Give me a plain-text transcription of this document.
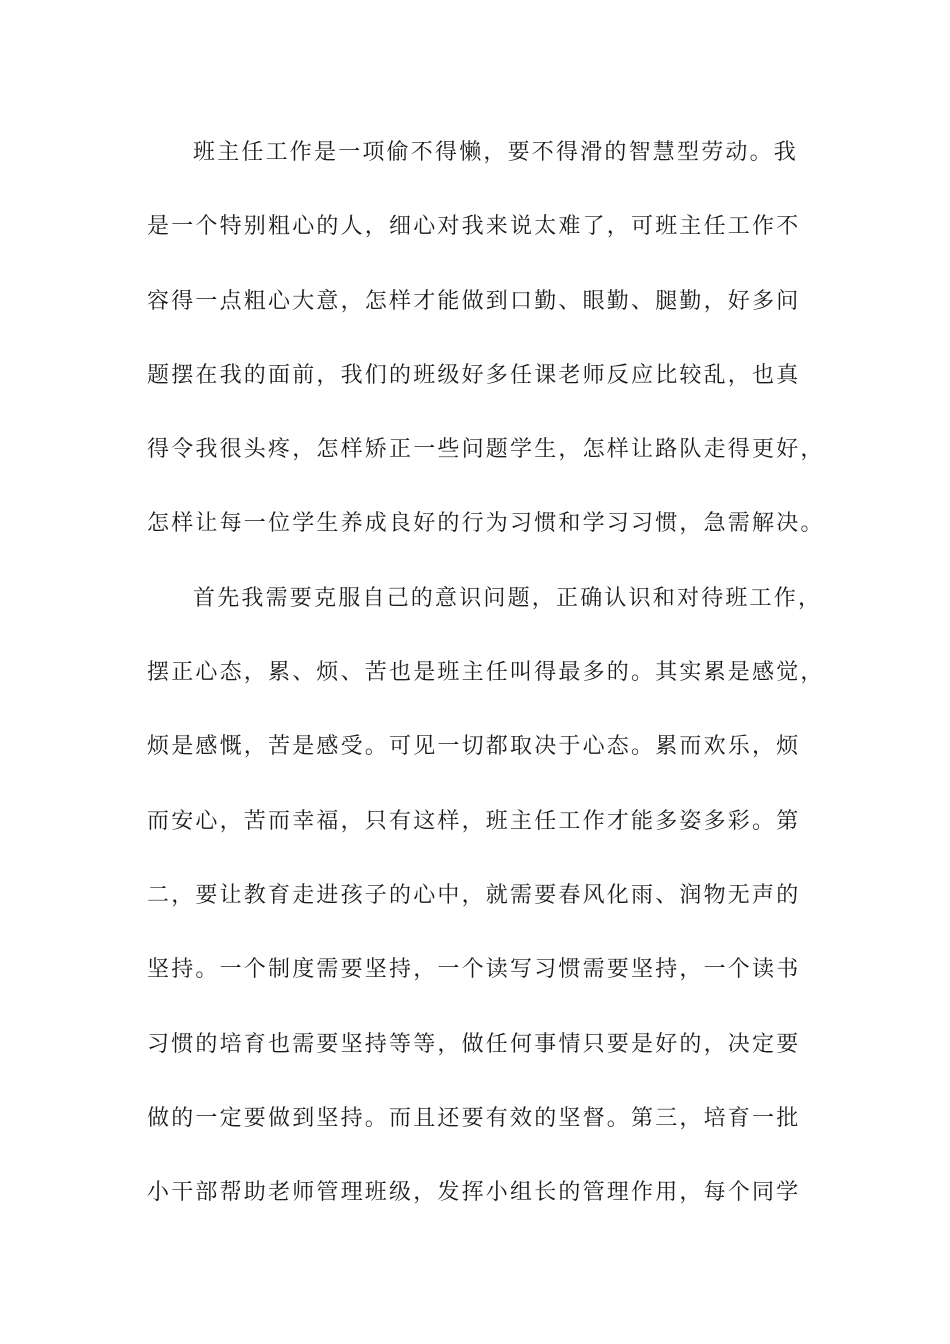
班主任工作是一项偷不得懒，要不得滑的智慧型劳动。我
是一个特别粗心的人，细心对我来说太难了，可班主任工作不
容得一点粗心大意，怎样才能做到口勤、眼勤、腿勤，好多问
题摆在我的面前，我们的班级好多任课老师反应比较乱，也真
得令我很头疼，怎样矫正一些问题学生，怎样让路队走得更好，
怎样让每一位学生养成良好的行为习惯和学习习惯，急需解决。
首先我需要克服自己的意识问题，正确认识和对待班工作，
摆正心态，累、烦、苦也是班主任叫得最多的。其实累是感觉，
烦是感慨，苦是感受。可见一切都取决于心态。累而欢乐，烦
而安心，苦而幸福，只有这样，班主任工作才能多姿多彩。第
二，要让教育走进孩子的心中，就需要春风化雨、润物无声的
坚持。一个制度需要坚持，一个读写习惯需要坚持，一个读书
习惯的培育也需要坚持等等，做任何事情只要是好的，决定要
做的一定要做到坚持。而且还要有效的坚督。第三，培育一批
小干部帮助老师管理班级，发挥小组长的管理作用，每个同学
